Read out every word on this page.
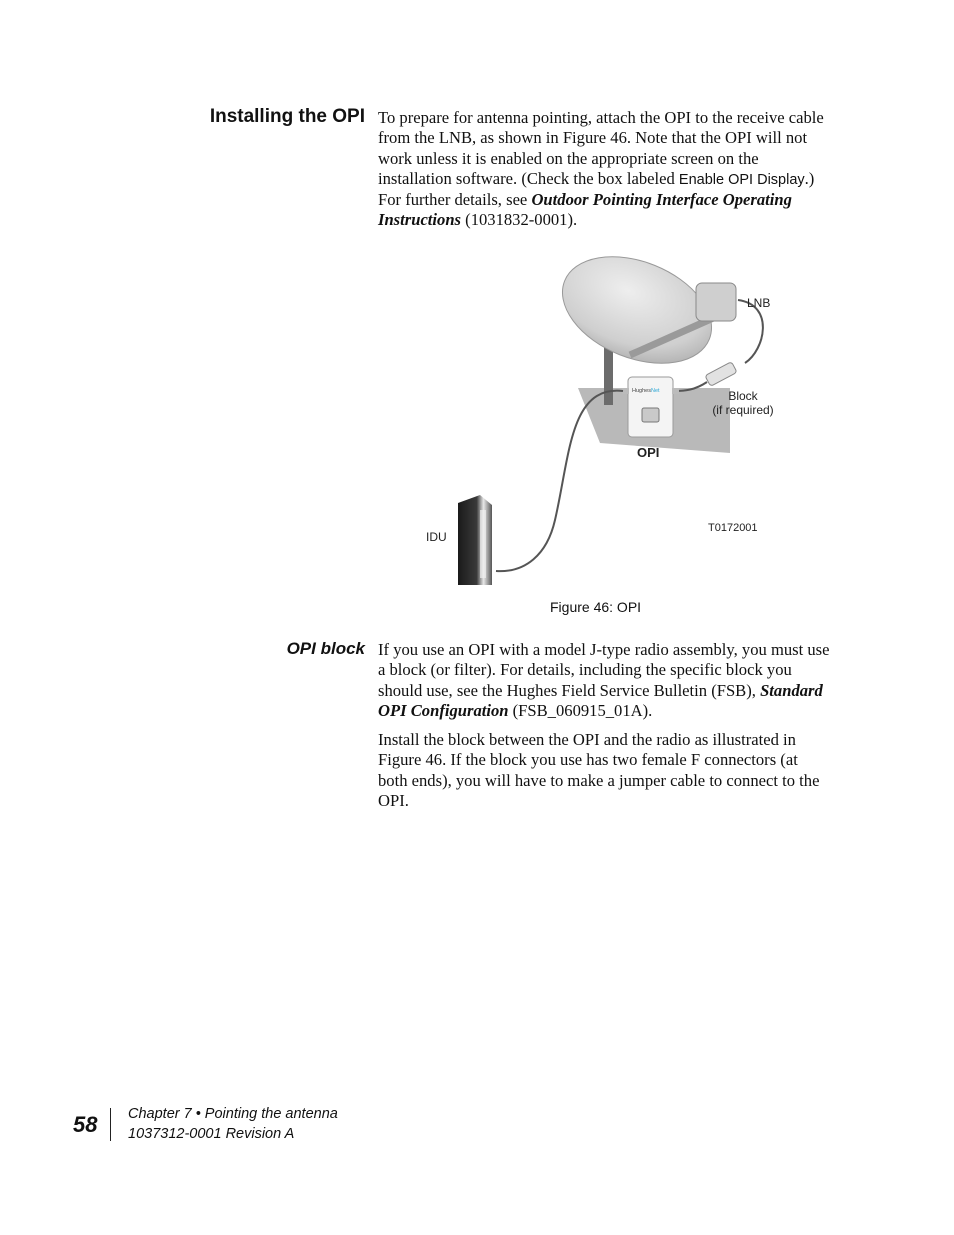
Installing the OPI To prepare for antenna pointing, attach the OPI to the receive cable from the LNB, as shown in Figure 46. Note that the OPI will not work unless it is enabled on the appropriate screen on the installation software. (Check the box labeled Enable OPI Display.) For further details, see Outdoor Pointing Interface Operating Instructions (1031832-0001).

HughesNet
LNB
Block
(if required)
OPI
IDU
T0172001
Figure 46: OPI
OPI block If you use an OPI with a model J-type radio assembly, you must use a block (or filter). For details, including the specific block you should use, see the Hughes Field Service Bulletin (FSB), Standard OPI Configuration (FSB_060915_01A).

Install the block between the OPI and the radio as illustrated in Figure 46. If the block you use has two female F connectors (at both ends), you will have to make a jumper cable to connect to the OPI.

58 Chapter 7 • Pointing the antenna
1037312-0001 Revision A
